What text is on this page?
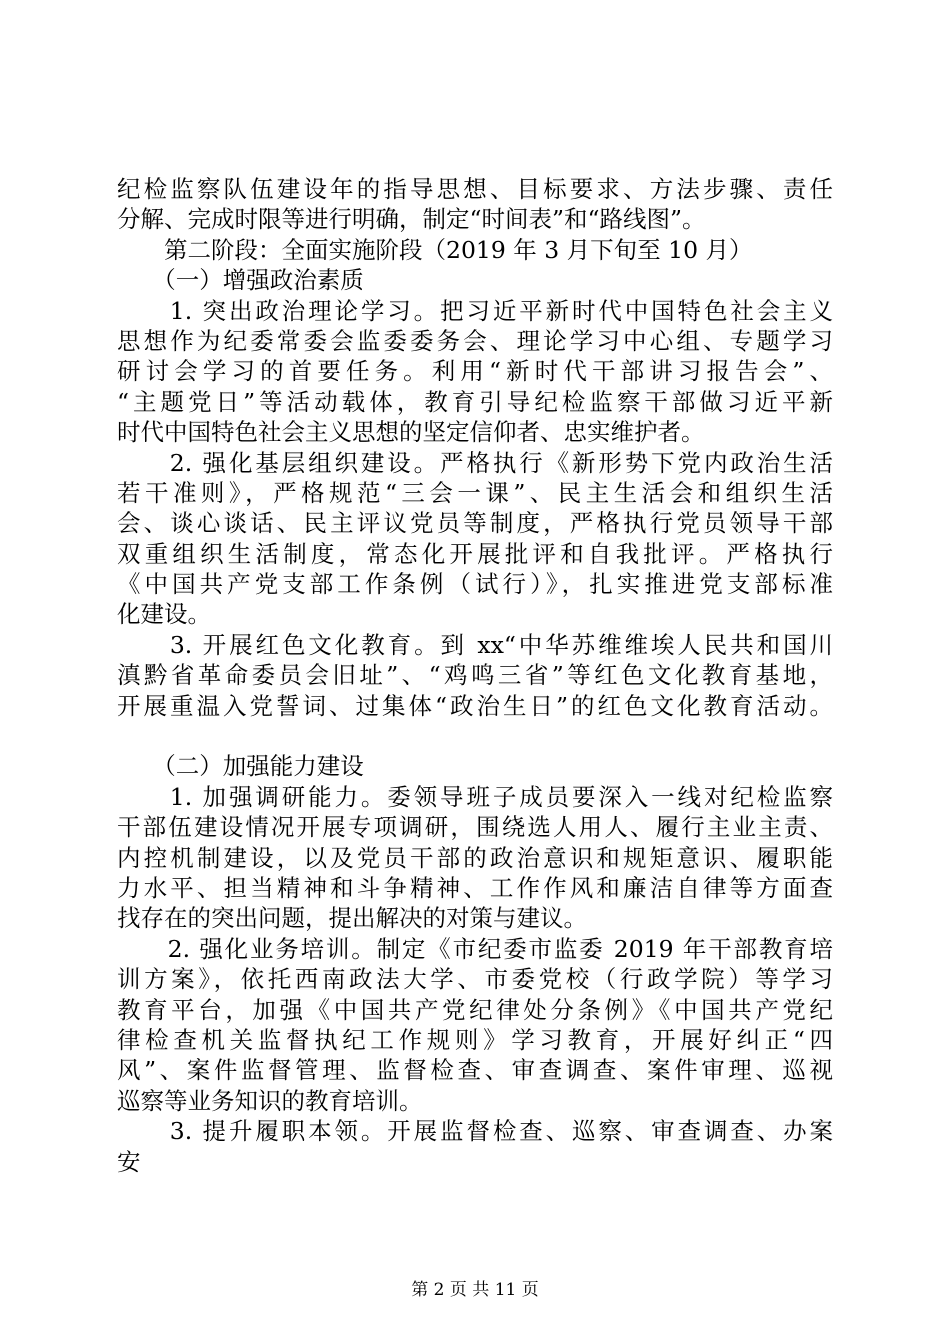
纪检监察队伍建设年的指导思想、目标要求、方法步骤、责任
分解、完成时限等进行明确，制定“时间表”和“路线图”。
　　第二阶段：全面实施阶段（2019 年 3 月下旬至 10 月）
　　（一）增强政治素质
　　1. 突出政治理论学习。把习近平新时代中国特色社会主义
思想作为纪委常委会监委委务会、理论学习中心组、专题学习
研讨会学习的首要任务。利用“新时代干部讲习报告会”、
“主题党日”等活动载体，教育引导纪检监察干部做习近平新
时代中国特色社会主义思想的坚定信仰者、忠实维护者。
　　2. 强化基层组织建设。严格执行《新形势下党内政治生活
若干准则》，严格规范“三会一课”、民主生活会和组织生活
会、谈心谈话、民主评议党员等制度，严格执行党员领导干部
双重组织生活制度，常态化开展批评和自我批评。严格执行
《中国共产党支部工作条例（试行）》，扎实推进党支部标准
化建设。
　　3. 开展红色文化教育。到 xx“中华苏维维埃人民共和国川
滇黔省革命委员会旧址”、“鸡鸣三省”等红色文化教育基地，
开展重温入党誓词、过集体“政治生日”的红色文化教育活动。
　　（二）加强能力建设
　　1. 加强调研能力。委领导班子成员要深入一线对纪检监察
干部伍建设情况开展专项调研，围绕选人用人、履行主业主责、
内控机制建设，以及党员干部的政治意识和规矩意识、履职能
力水平、担当精神和斗争精神、工作作风和廉洁自律等方面查
找存在的突出问题，提出解决的对策与建议。
　　2. 强化业务培训。制定《市纪委市监委 2019 年干部教育培
训方案》，依托西南政法大学、市委党校（行政学院）等学习
教育平台，加强《中国共产党纪律处分条例》《中国共产党纪
律检查机关监督执纪工作规则》学习教育，开展好纠正“四
风”、案件监督管理、监督检查、审查调查、案件审理、巡视
巡察等业务知识的教育培训。
　　3. 提升履职本领。开展监督检查、巡察、审查调查、办案
安
第 2 页 共 11 页
